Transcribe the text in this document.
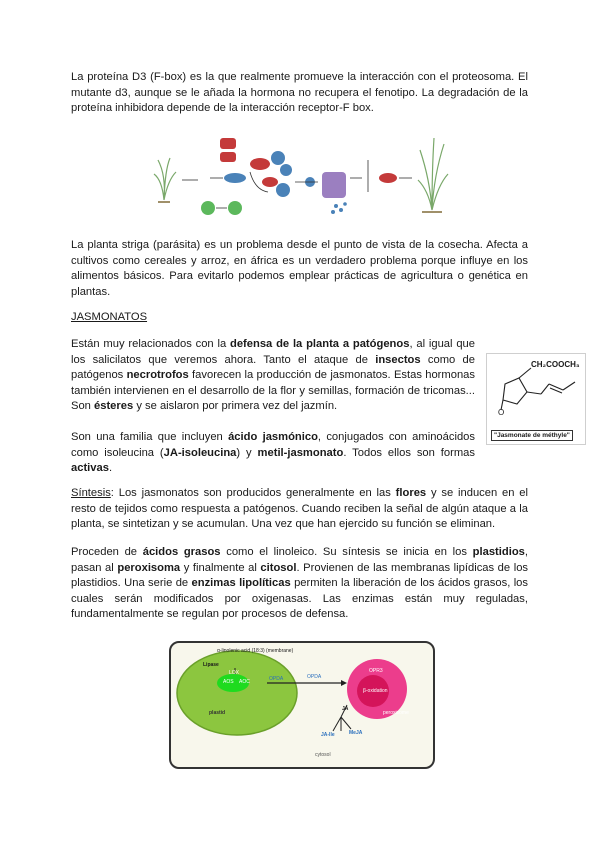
La proteína D3 (F-box) es la que realmente promueve la interacción con el proteosoma. El mutante d3, aunque se le añada la hormona no recupera el fenotipo. La degradación de la proteína inhibidora depende de la interacción receptor-F box.

La planta striga (parásita) es un problema desde el punto de vista de la cosecha. Afecta a cultivos como cereales y arroz, en áfrica es un verdadero problema porque influye en los alimentos básicos. Para evitarlo podemos emplear prácticas de agricultura o genética en plantas.

JASMONATOS

Están muy relacionados con la defensa de la planta a patógenos, al igual que los salicilatos que veremos ahora. Tanto el ataque de insectos como de patógenos necrotrofos favorecen la producción de jasmonatos. Estas hormonas también intervienen en el desarrollo de la flor y semillas, formación de tricomas... Son ésteres y se aislaron por primera vez del jazmín.

CH₂COOCH₃
O
"Jasmonate de méthyle"

Son una familia que incluyen ácido jasmónico, conjugados con aminoácidos como isoleucina (JA-isoleucina) y metil-jasmonato. Todos ellos son formas activas.

Síntesis: Los jasmonatos son producidos generalmente en las flores y se inducen en el resto de tejidos como respuesta a patógenos. Cuando reciben la señal de algún ataque a la planta, se sintetizan y se acumulan. Una vez que han ejercido su función se eliminan.

Proceden de ácidos grasos como el linoleico. Su síntesis se inicia en los plastidios, pasan al peroxisoma y finalmente al citosol. Provienen de las membranas lipídicas de los plastidios. Una serie de enzimas lipolíticas permiten la liberación de los ácidos grasos, los cuales serán modificados por oxigenasas. Las enzimas están muy reguladas, fundamentalmente se regulan por procesos de defensa.

α-linolenic acid (18:3) (membrane)
Lipase
LOX
AOS AOC	OPDA	OPDA
OPR3
β-oxidation
peroxisome
JA
JA-Ile	MeJA
plastid
cytosol
